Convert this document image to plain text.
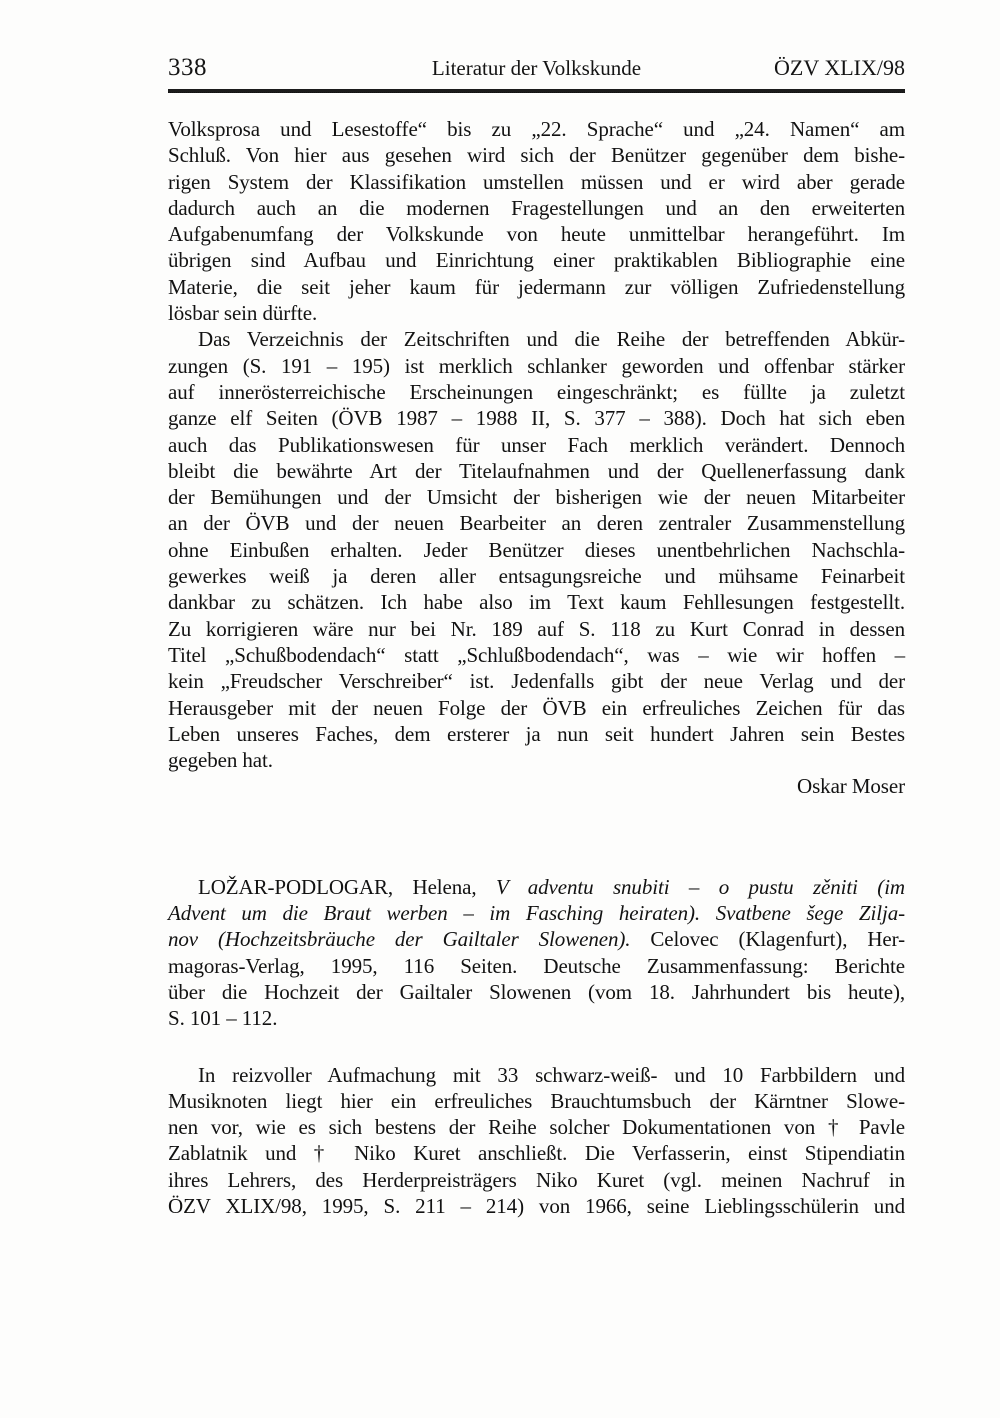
338	Literatur der Volkskunde	ÖZV XLIX/98
Volksprosa und Lesestoffe“ bis zu „22. Sprache“ und „24. Namen“ am
Schluß. Von hier aus gesehen wird sich der Benützer gegenüber dem bishe-
rigen System der Klassifikation umstellen müssen und er wird aber gerade
dadurch auch an die modernen Fragestellungen und an den erweiterten
Aufgabenumfang der Volkskunde von heute unmittelbar herangeführt. Im
übrigen sind Aufbau und Einrichtung einer praktikablen Bibliographie eine
Materie, die seit jeher kaum für jedermann zur völligen Zufriedenstellung
lösbar sein dürfte.
Das Verzeichnis der Zeitschriften und die Reihe der betreffenden Abkür-
zungen (S. 191 – 195) ist merklich schlanker geworden und offenbar stärker
auf innerösterreichische Erscheinungen eingeschränkt; es füllte ja zuletzt
ganze elf Seiten (ÖVB 1987 – 1988 II, S. 377 – 388). Doch hat sich eben
auch das Publikationswesen für unser Fach merklich verändert. Dennoch
bleibt die bewährte Art der Titelaufnahmen und der Quellenerfassung dank
der Bemühungen und der Umsicht der bisherigen wie der neuen Mitarbeiter
an der ÖVB und der neuen Bearbeiter an deren zentraler Zusammenstellung
ohne Einbußen erhalten. Jeder Benützer dieses unentbehrlichen Nachschla-
gewerkes weiß ja deren aller entsagungsreiche und mühsame Feinarbeit
dankbar zu schätzen. Ich habe also im Text kaum Fehllesungen festgestellt.
Zu korrigieren wäre nur bei Nr. 189 auf S. 118 zu Kurt Conrad in dessen
Titel „Schußbodendach“ statt „Schlußbodendach“, was – wie wir hoffen –
kein „Freudscher Verschreiber“ ist. Jedenfalls gibt der neue Verlag und der
Herausgeber mit der neuen Folge der ÖVB ein erfreuliches Zeichen für das
Leben unseres Faches, dem ersterer ja nun seit hundert Jahren sein Bestes
gegeben hat.
Oskar Moser
LOŽAR-PODLOGAR, Helena, V adventu snubiti – o pustu zěniti (im
Advent um die Braut werben – im Fasching heiraten). Svatbene šege Zilja-
nov (Hochzeitsbräuche der Gailtaler Slowenen). Celovec (Klagenfurt), Her-
magoras-Verlag, 1995, 116 Seiten. Deutsche Zusammenfassung: Berichte
über die Hochzeit der Gailtaler Slowenen (vom 18. Jahrhundert bis heute),
S. 101 – 112.
In reizvoller Aufmachung mit 33 schwarz-weiß- und 10 Farbbildern und
Musiknoten liegt hier ein erfreuliches Brauchtumsbuch der Kärntner Slowe-
nen vor, wie es sich bestens der Reihe solcher Dokumentationen von † Pavle
Zablatnik und † Niko Kuret anschließt. Die Verfasserin, einst Stipendiatin
ihres Lehrers, des Herderpreisträgers Niko Kuret (vgl. meinen Nachruf in
ÖZV XLIX/98, 1995, S. 211 – 214) von 1966, seine Lieblingsschülerin und
